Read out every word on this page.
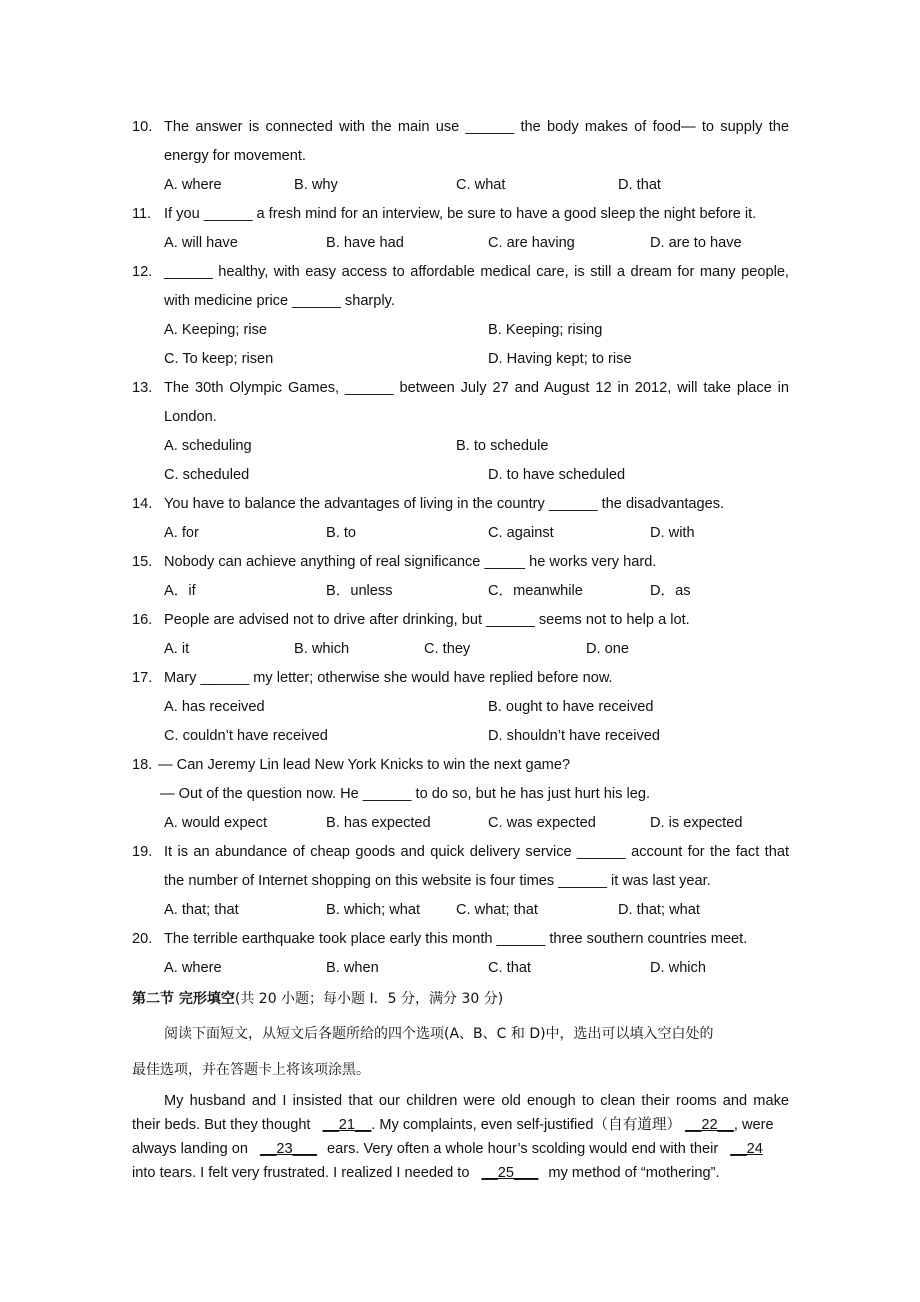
10. The answer is connected with the main use ______ the body makes of food— to supply the
energy for movement.
A. where	B. why	C. what	D. that
11. If you ______ a fresh mind for an interview, be sure to have a good sleep the night before it.
A. will have	B. have had	C. are having	D. are to have
12. ______ healthy, with easy access to affordable medical care, is still a dream for many people,
with medicine price ______ sharply.
A. Keeping; rise	B. Keeping; rising
C. To keep; risen	D. Having kept; to rise
13. The 30th Olympic Games, ______ between July 27 and August 12 in 2012, will take place in
London.
A. scheduling	B. to schedule
C. scheduled	D. to have scheduled
14. You have to balance the advantages of living in the country ______ the disadvantages.
A. for	B. to	C. against	D. with
15. Nobody can achieve anything of real significance _____ he works very hard.
A．if	B．unless	C．meanwhile	D．as
16. People are advised not to drive after drinking, but ______ seems not to help a lot.
A. it	B. which	C. they	D. one
17. Mary ______ my letter; otherwise she would have replied before now.
A. has received	B. ought to have received
C. couldn’t have received	D. shouldn’t have received
18. — Can Jeremy Lin lead New York Knicks to win the next game?
— Out of the question now. He ______ to do so, but he has just hurt his leg.
A. would expect	B. has expected	C. was expected	D. is expected
19. It is an abundance of cheap goods and quick delivery service ______ account for the fact that
the number of Internet shopping on this website is four times ______ it was last year.
A. that; that	B. which; what C. what; that	D. that; what
20. The terrible earthquake took place early this month ______ three southern countries meet.
A. where	B. when	C. that	D. which
第二节 完形填空(共 20 小题；每小题 I．5 分，满分 30 分)
阅读下面短文，从短文后各题所给的四个选项(A、B、C 和 D)中，选出可以填入空白处的
最佳选项，并在答题卡上将该项涂黑。
My husband and I insisted that our children were old enough to clean their rooms and make
their beds. But they thought __21__. My complaints, even self-justified（自有道理） __22__, were
always landing on __23___ ears. Very often a whole hour’s scolding would end with their __24
into tears. I felt very frustrated. I realized I needed to __25___ my method of “mothering”.
